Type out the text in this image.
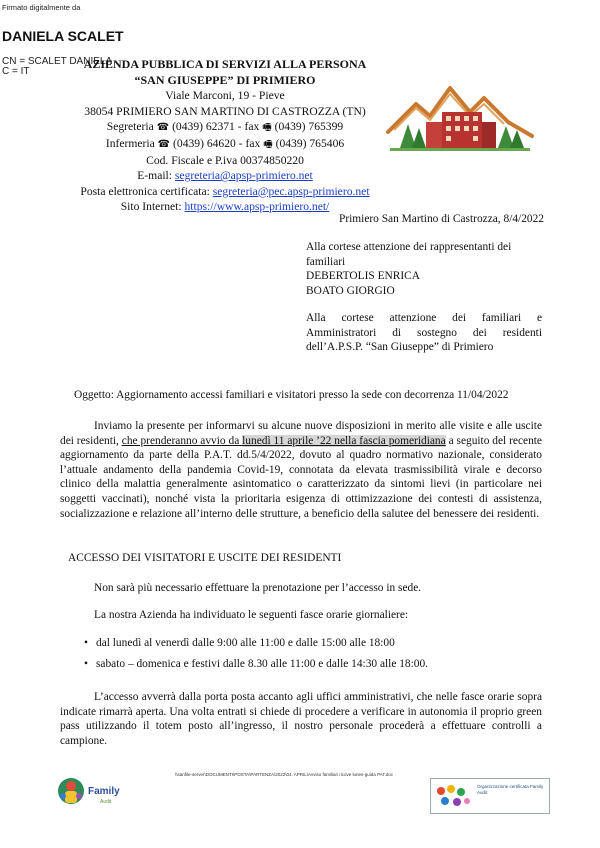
Firmato digitalmente da
DANIELA SCALET
CN = SCALET DANIELA
C = IT
AZIENDA PUBBLICA DI SERVIZI ALLA PERSONA
“SAN GIUSEPPE” DI PRIMIERO
Viale Marconi, 19 - Pieve
38054 PRIMIERO SAN MARTINO DI CASTROZZA (TN)
Segreteria ☎ (0439) 62371 - fax 🖷 (0439) 765399
Infermeria ☎ (0439) 64620 - fax 🖷 (0439) 765406
Cod. Fiscale e P.iva 00374850220
E-mail: segreteria@apsp-primiero.net
Posta elettronica certificata: segreteria@pec.apsp-primiero.net
Sito Internet: https://www.apsp-primiero.net/
Primiero San Martino di Castrozza, 8/4/2022
Alla cortese attenzione dei rappresentanti dei familiari
DEBERTOLIS ENRICA
BOATO GIORGIO
Alla cortese attenzione dei familiari e Amministratori di sostegno dei residenti dell’A.P.S.P. “San Giuseppe” di Primiero
Oggetto: Aggiornamento accessi familiari e visitatori presso la sede con decorrenza 11/04/2022
Inviamo la presente per informarvi su alcune nuove disposizioni in merito alle visite e alle uscite dei residenti, che prenderanno avvio da lunedì 11 aprile ’22 nella fascia pomeridiana a seguito del recente aggiornamento da parte della P.A.T. dd.5/4/2022, dovuto al quadro normativo nazionale, considerato l’attuale andamento della pandemia Covid-19, connotata da elevata trasmissibilità virale e decorso clinico della malattia generalmente asintomatico o caratterizzato da sintomi lievi (in particolare nei soggetti vaccinati), nonché vista la prioritaria esigenza di ottimizzazione dei contesti di assistenza, socializzazione e relazione all’interno delle strutture, a beneficio della salutee del benessere dei residenti.
ACCESSO DEI VISITATORI E USCITE DEI RESIDENTI
Non sarà più necessario effettuare la prenotazione per l’accesso in sede.
La nostra Azienda ha individuato le seguenti fasce orarie giornaliere:
• dal lunedì al venerdì dalle 9:00 alle 11:00 e dalle 15:00 alle 18:00
• sabato – domenica e festivi dalle 8.30 alle 11:00 e dalle 14:30 alle 18:00.
L’accesso avverrà dalla porta posta accanto agli uffici amministrativi, che nelle fasce orarie sopra indicate rimarrà aperta. Una volta entrati si chiede di procedere a verificare in autonomia il proprio green pass utilizzando il totem posto all’ingresso, il nostro personale procederà a effettuare controlli a campione.
\\sanfile-server\DOCUMENTI\POSTA\PARTENZA\2022\04. APRIL\Avviso familiari ricove lunes-guida PAT.doc
Family
Audit
Organizzazione certificata Family Audit
